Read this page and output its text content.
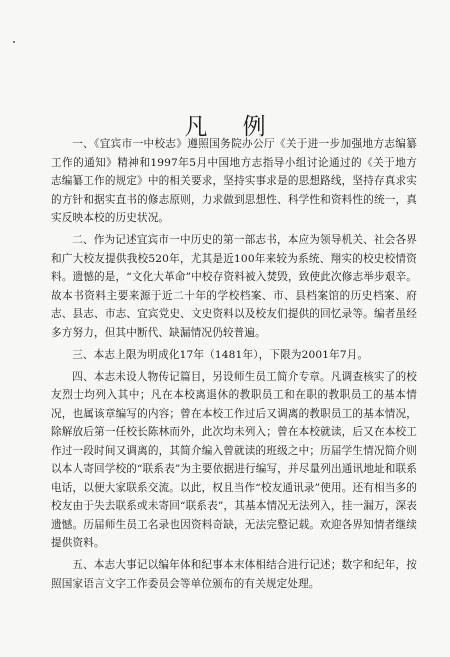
凡 例

一、《宜宾市一中校志》遵照国务院办公厅《关于进一步加强地方志编纂工作的通知》精神和1997年5月中国地方志指导小组讨论通过的《关于地方志编纂工作的规定》中的相关要求，坚持实事求是的思想路线，坚持存真求实的方针和据实直书的修志原则，力求做到思想性、科学性和资料性的统一，真实反映本校的历史状况。

二、作为记述宜宾市一中历史的第一部志书，本应为领导机关、社会各界和广大校友提供我校520年，尤其是近100年来较为系统、翔实的校史校情资料。遗憾的是，“文化大革命”中校存资料被入焚毁，致使此次修志举步艰辛。故本书资料主要来源于近二十年的学校档案、市、县档案馆的历史档案、府志、县志、市志、宜宾党史、文史资料以及校友们提供的回忆录等。编者虽经多方努力，但其中断代、缺漏情况仍较普遍。

三、本志上限为明成化17年（1481年），下限为2001年7月。

四、本志未设人物传记篇目，另设师生员工简介专章。凡调查核实了的校友烈士均列入其中；凡在本校离退休的教职员工和在职的教职员工的基本情况，也属该章编写的内容；曾在本校工作过后又调离的教职员工的基本情况，除解放后第一任校长陈林而外，此次均未列入；曾在本校就读，后又在本校工作过一段时间又调离的，其简介编入曾就读的班级之中；历届学生情况简介则以本人寄回学校的“联系表”为主要依据进行编写，并尽量列出通讯地址和联系电话，以便大家联系交流。以此，权且当作“校友通讯录”使用。还有相当多的校友由于失去联系或未寄回“联系表”，其基本情况无法列入，挂一漏万，深表遗憾。历届师生员工名录也因资料奇缺，无法完整记载。欢迎各界知情者继续提供资料。

五、本志大事记以编年体和纪事本末体相结合进行记述；数字和纪年，按照国家语言文字工作委员会等单位颁布的有关规定处理。
